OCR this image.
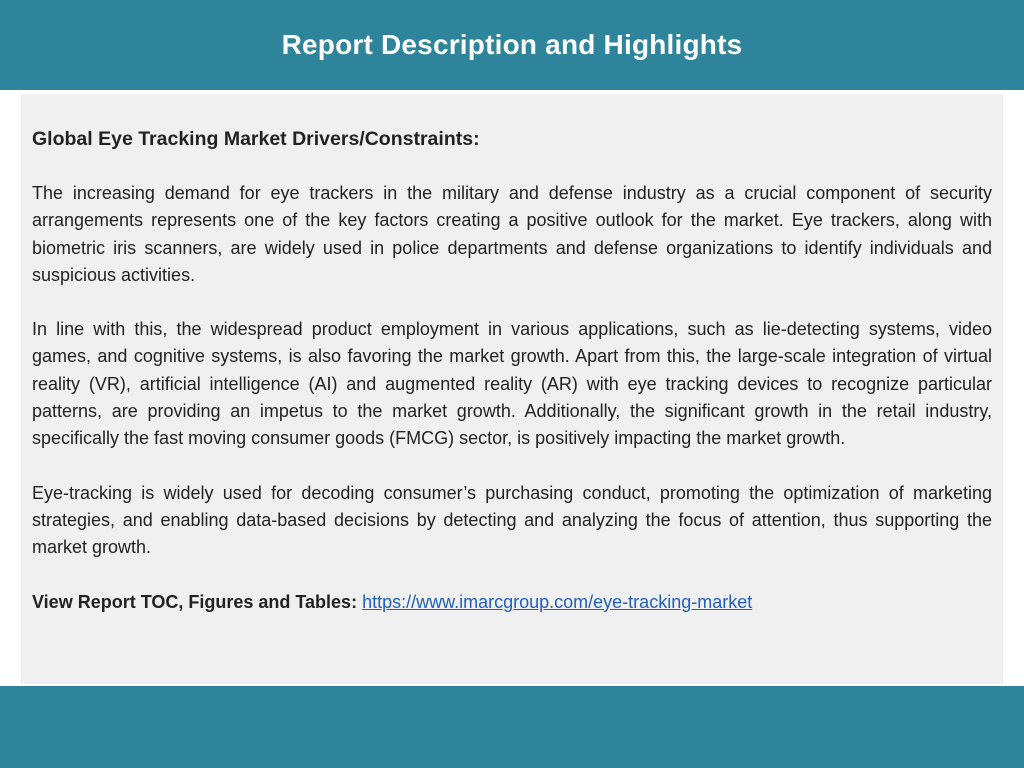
Report Description and Highlights
Global Eye Tracking Market Drivers/Constraints:

The increasing demand for eye trackers in the military and defense industry as a crucial component of security arrangements represents one of the key factors creating a positive outlook for the market. Eye trackers, along with biometric iris scanners, are widely used in police departments and defense organizations to identify individuals and suspicious activities.

In line with this, the widespread product employment in various applications, such as lie-detecting systems, video games, and cognitive systems, is also favoring the market growth. Apart from this, the large-scale integration of virtual reality (VR), artificial intelligence (AI) and augmented reality (AR) with eye tracking devices to recognize particular patterns, are providing an impetus to the market growth. Additionally, the significant growth in the retail industry, specifically the fast moving consumer goods (FMCG) sector, is positively impacting the market growth.

Eye-tracking is widely used for decoding consumer’s purchasing conduct, promoting the optimization of marketing strategies, and enabling data-based decisions by detecting and analyzing the focus of attention, thus supporting the market growth.

View Report TOC, Figures and Tables: https://www.imarcgroup.com/eye-tracking-market
